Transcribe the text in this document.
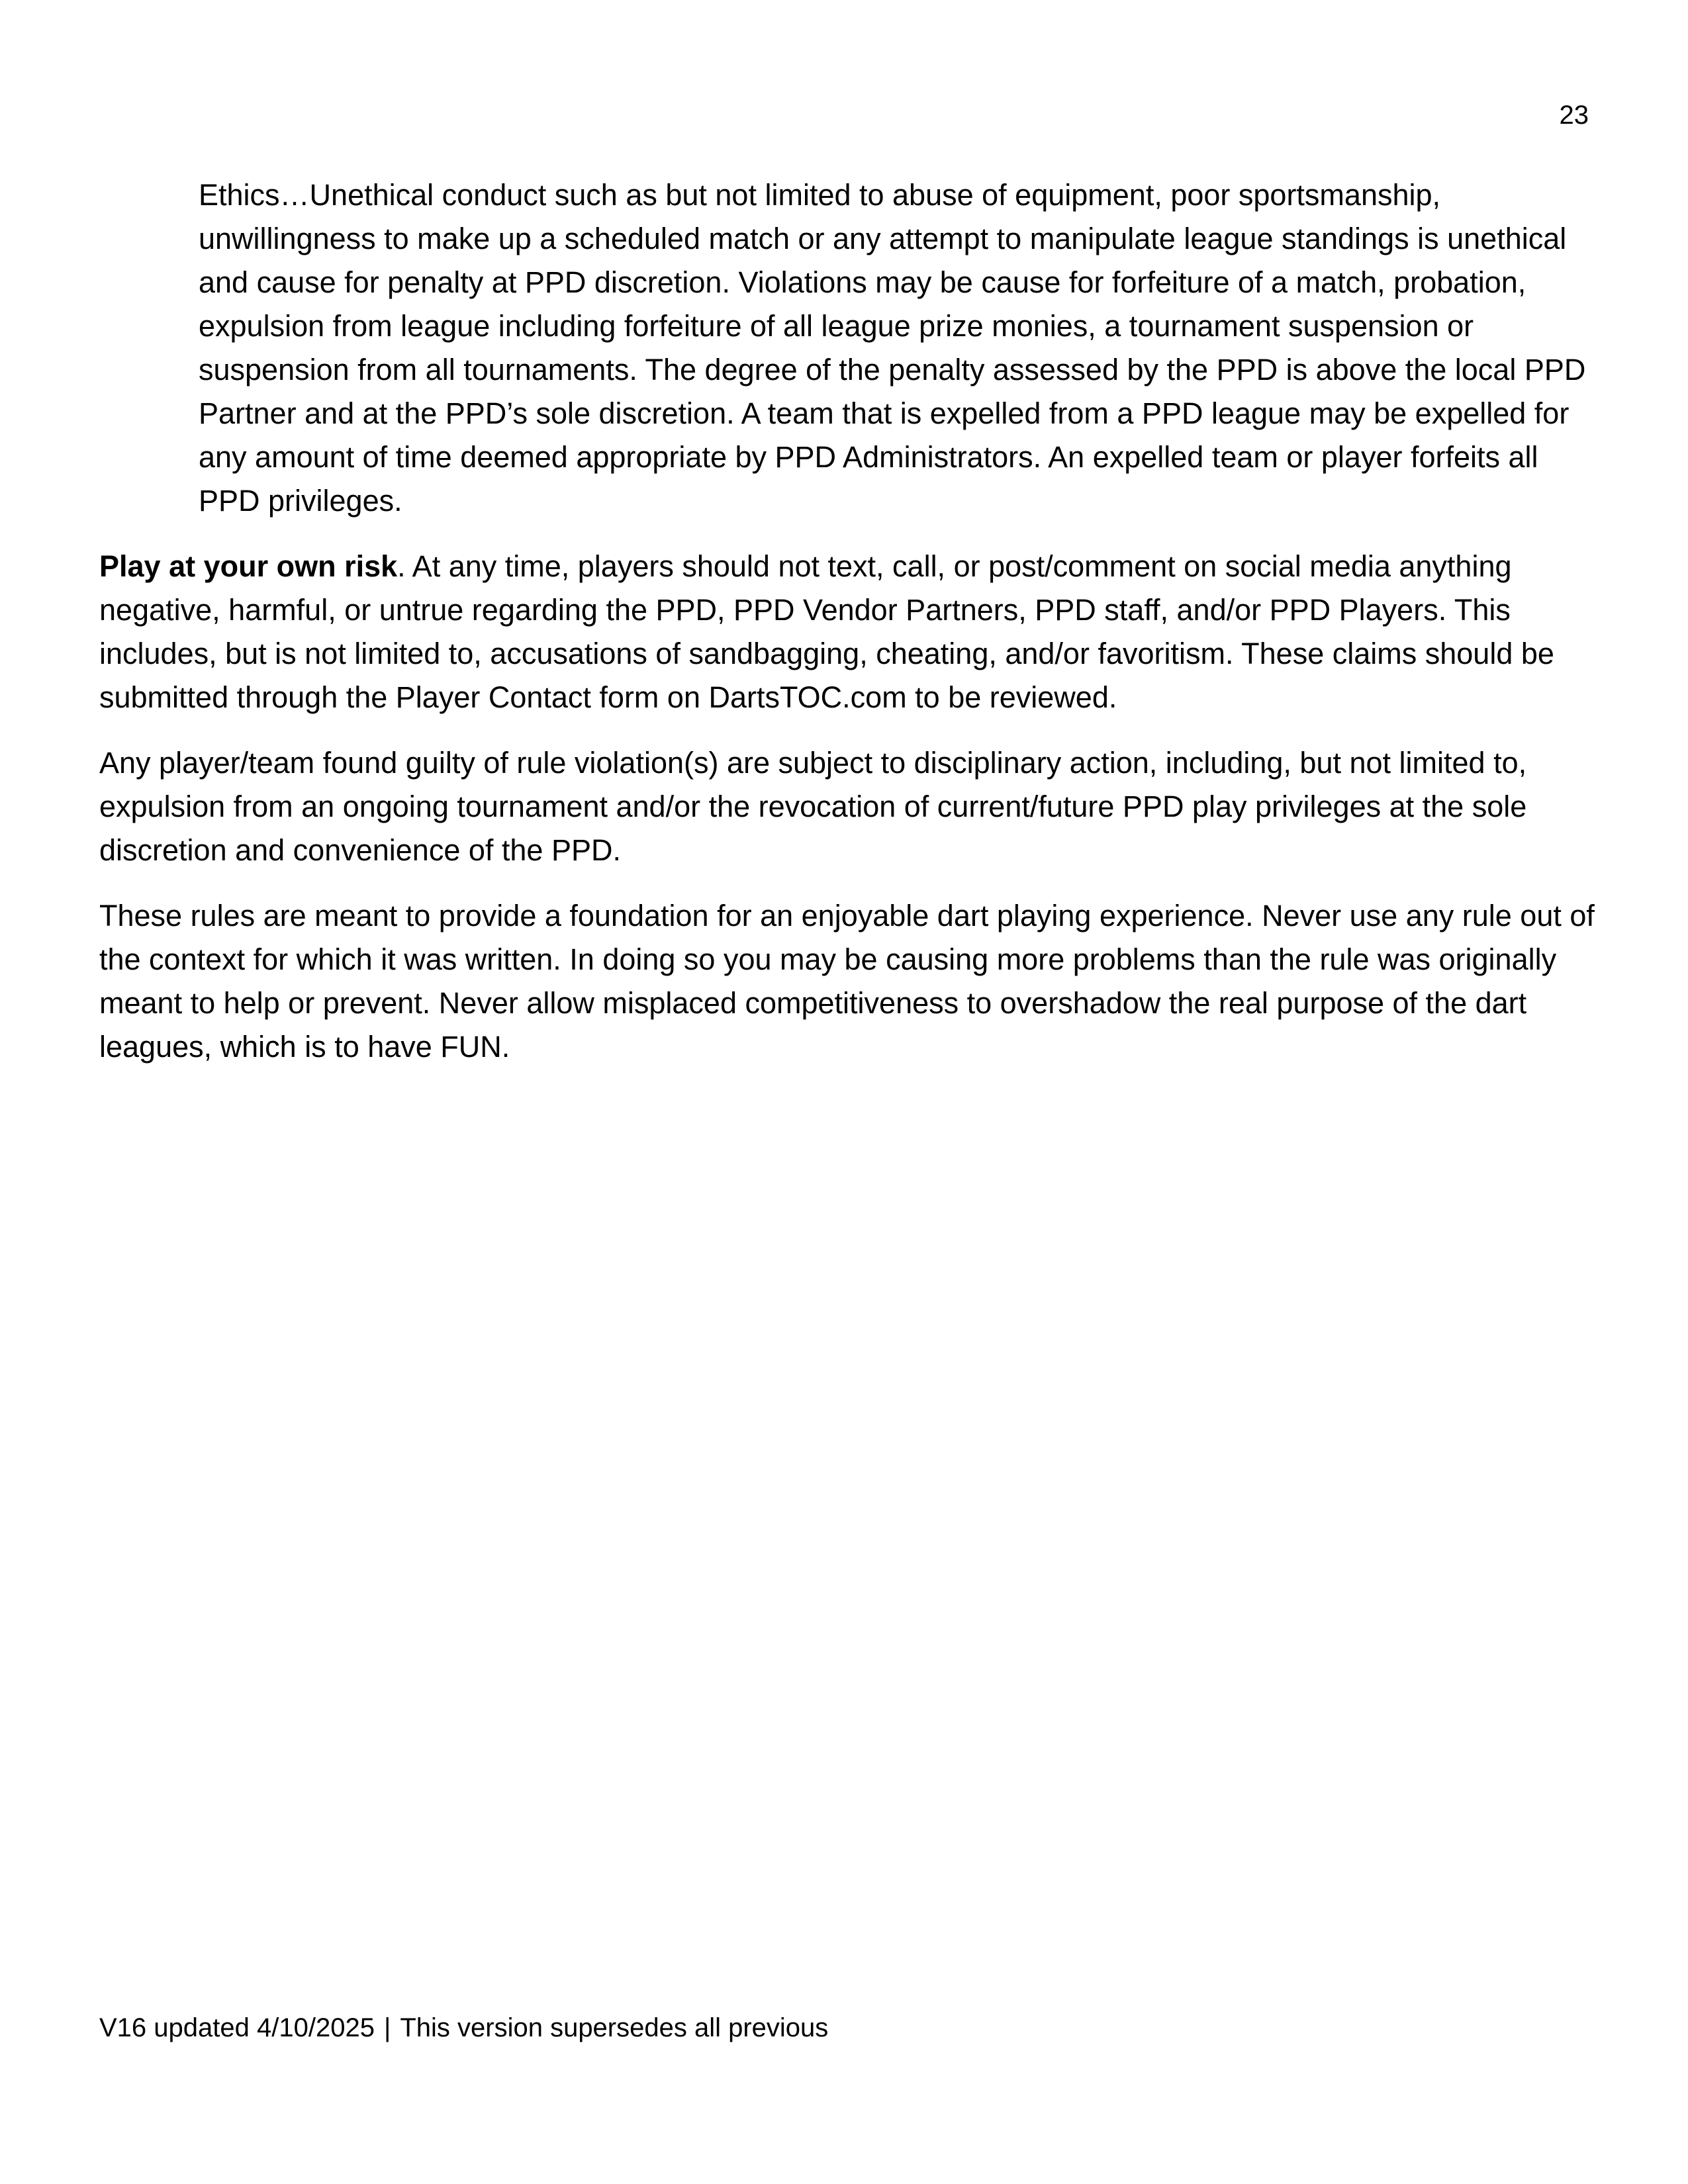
23

Ethics…Unethical conduct such as but not limited to abuse of equipment, poor sportsmanship, unwillingness to make up a scheduled match or any attempt to manipulate league standings is unethical and cause for penalty at PPD discretion. Violations may be cause for forfeiture of a match, probation, expulsion from league including forfeiture of all league prize monies, a tournament suspension or suspension from all tournaments. The degree of the penalty assessed by the PPD is above the local PPD Partner and at the PPD’s sole discretion. A team that is expelled from a PPD league may be expelled for any amount of time deemed appropriate by PPD Administrators. An expelled team or player forfeits all PPD privileges.

Play at your own risk. At any time, players should not text, call, or post/comment on social media anything negative, harmful, or untrue regarding the PPD, PPD Vendor Partners, PPD staff, and/or PPD Players. This includes, but is not limited to, accusations of sandbagging, cheating, and/or favoritism. These claims should be submitted through the Player Contact form on DartsTOC.com to be reviewed.

Any player/team found guilty of rule violation(s) are subject to disciplinary action, including, but not limited to, expulsion from an ongoing tournament and/or the revocation of current/future PPD play privileges at the sole discretion and convenience of the PPD.

These rules are meant to provide a foundation for an enjoyable dart playing experience. Never use any rule out of the context for which it was written. In doing so you may be causing more problems than the rule was originally meant to help or prevent. Never allow misplaced competitiveness to overshadow the real purpose of the dart leagues, which is to have FUN.

V16 updated 4/10/2025 | This version supersedes all previous
